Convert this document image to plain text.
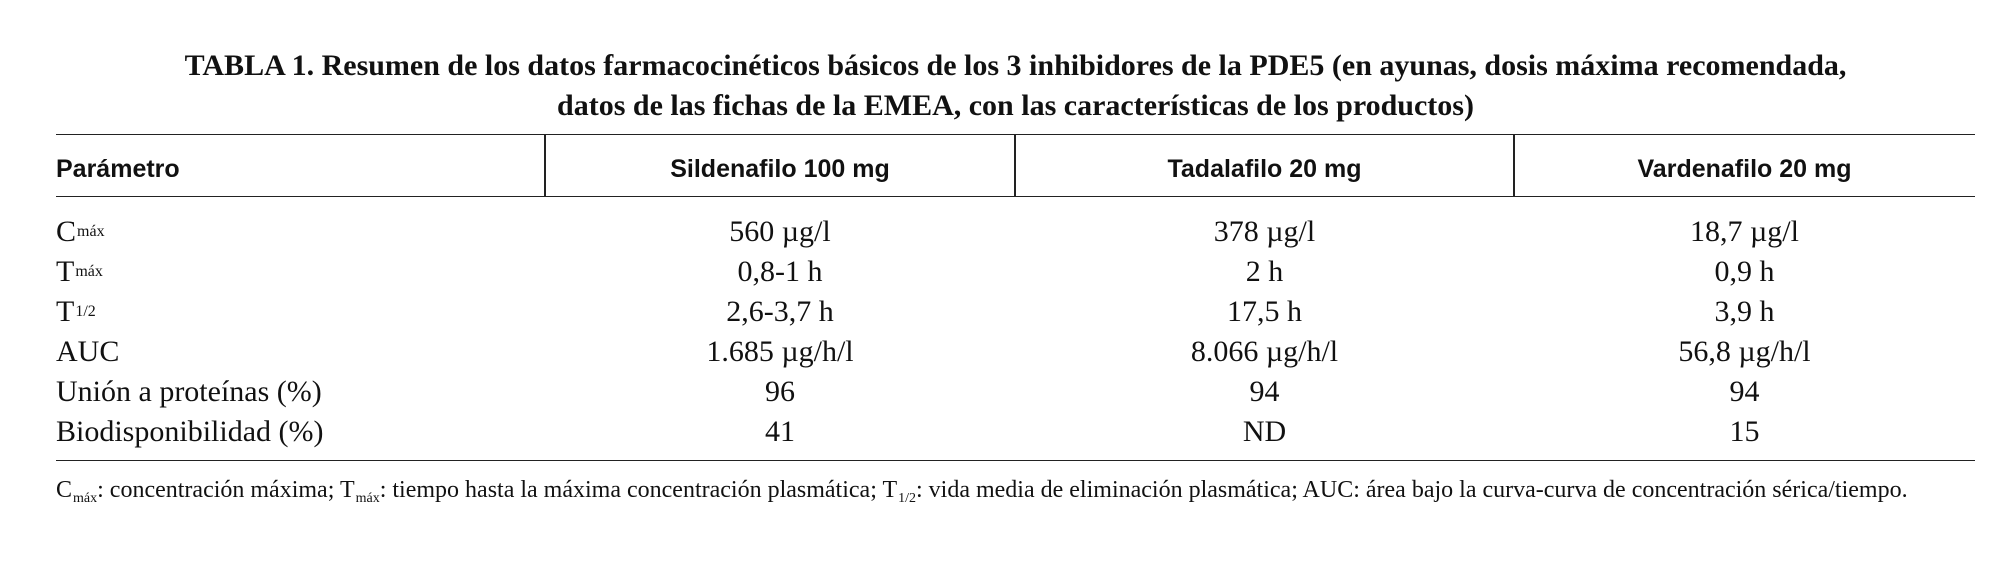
TABLA 1. Resumen de los datos farmacocinéticos básicos de los 3 inhibidores de la PDE5 (en ayunas, dosis máxima recomendada,
datos de las fichas de la EMEA, con las características de los productos)
Parámetro	Sildenafilo 100 mg	Tadalafilo 20 mg	Vardenafilo 20 mg
C máx	560 µg/l	378 µg/l	18,7 µg/l
T máx	0,8-1 h	2 h	0,9 h
T 1/2	2,6-3,7 h	17,5 h	3,9 h
AUC	1.685 µg/h/l	8.066 µg/h/l	56,8 µg/h/l
Unión a proteínas (%)	96	94	94
Biodisponibilidad (%)	41	ND	15
$C_{máx}$: concentración máxima; $T_{máx}$: tiempo hasta la máxima concentración plasmática; $T_{1/2}$: vida media de eliminación plasmática; AUC: área bajo la curva-curva de concentración sérica/tiempo.
